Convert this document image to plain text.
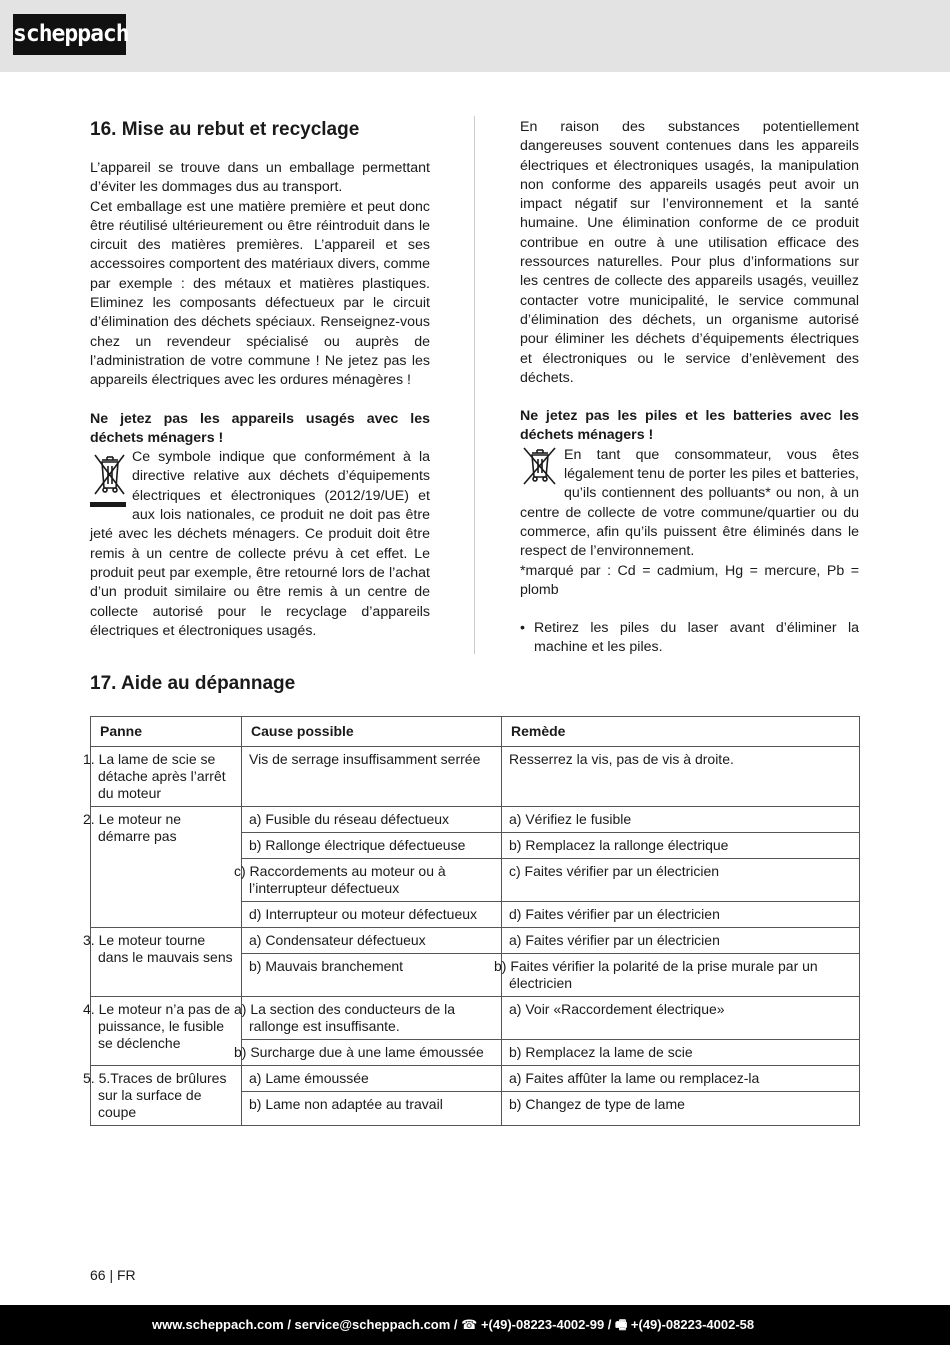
scheppach
16. Mise au rebut et recyclage

L’appareil se trouve dans un emballage permettant d’éviter les dommages dus au transport.

Cet emballage est une matière première et peut donc être réutilisé ultérieurement ou être réintroduit dans le circuit des matières premières. L’appareil et ses accessoires comportent des matériaux divers, comme par exemple : des métaux et matières plastiques. Eliminez les composants défectueux par le circuit d’élimination des déchets spéciaux. Renseignez-vous chez un revendeur spécialisé ou auprès de l’administration de votre commune ! Ne jetez pas les appareils électriques avec les ordures ménagères !

Ne jetez pas les appareils usagés avec les déchets ménagers !

Ce symbole indique que conformément à la directive relative aux déchets d’équipements électriques et électroniques (2012/19/UE) et aux lois nationales, ce produit ne doit pas être jeté avec les déchets ménagers. Ce produit doit être remis à un centre de collecte prévu à cet effet. Le produit peut par exemple, être retourné lors de l’achat d’un produit similaire ou être remis à un centre de collecte autorisé pour le recyclage d’appareils électriques et électroniques usagés.

En raison des substances potentiellement dangereuses souvent contenues dans les appareils électriques et électroniques usagés, la manipulation non conforme des appareils usagés peut avoir un impact négatif sur l’environnement et la santé humaine. Une élimination conforme de ce produit contribue en outre à une utilisation efficace des ressources naturelles. Pour plus d’informations sur les centres de collecte des appareils usagés, veuillez contacter votre municipalité, le service communal d’élimination des déchets, un organisme autorisé pour éliminer les déchets d’équipements électriques et électroniques ou le service d’enlèvement des déchets.

Ne jetez pas les piles et les batteries avec les déchets ménagers !

En tant que consommateur, vous êtes légalement tenu de porter les piles et batteries, qu’ils contiennent des polluants* ou non, à un centre de collecte de votre commune/quartier ou du commerce, afin qu’ils puissent être éliminés dans le respect de l’environnement.

*marqué par : Cd = cadmium, Hg = mercure, Pb = plomb

• Retirez les piles du laser avant d’éliminer la machine et les piles.
17. Aide au dépannage
Panne	Cause possible	Remède
1. La lame de scie se détache après l’arrêt du moteur	Vis de serrage insuffisamment serrée	Resserrez la vis, pas de vis à droite.
2. Le moteur ne démarre pas	a) Fusible du réseau défectueux	a) Vérifiez le fusible
	b) Rallonge électrique défectueuse	b) Remplacez la rallonge électrique
	c) Raccordements au moteur ou à l’interrupteur défectueux	c) Faites vérifier par un électricien
	d) Interrupteur ou moteur défectueux	d) Faites vérifier par un électricien
3. Le moteur tourne dans le mauvais sens	a) Condensateur défectueux	a) Faites vérifier par un électricien
	b) Mauvais branchement	b) Faites vérifier la polarité de la prise murale par un électricien
4. Le moteur n’a pas de puissance, le fusible se déclenche	a) La section des conducteurs de la rallonge est insuffisante.	a) Voir «Raccordement électrique»
	b) Surcharge due à une lame émoussée	b) Remplacez la lame de scie
5. 5.Traces de brûlures sur la surface de coupe	a) Lame émoussée	a) Faites affûter la lame ou remplacez-la
	b) Lame non adaptée au travail	b) Changez de type de lame
66 | FR
www.scheppach.com / service@scheppach.com / ☎ +(49)-08223-4002-99 / 🖷 +(49)-08223-4002-58
